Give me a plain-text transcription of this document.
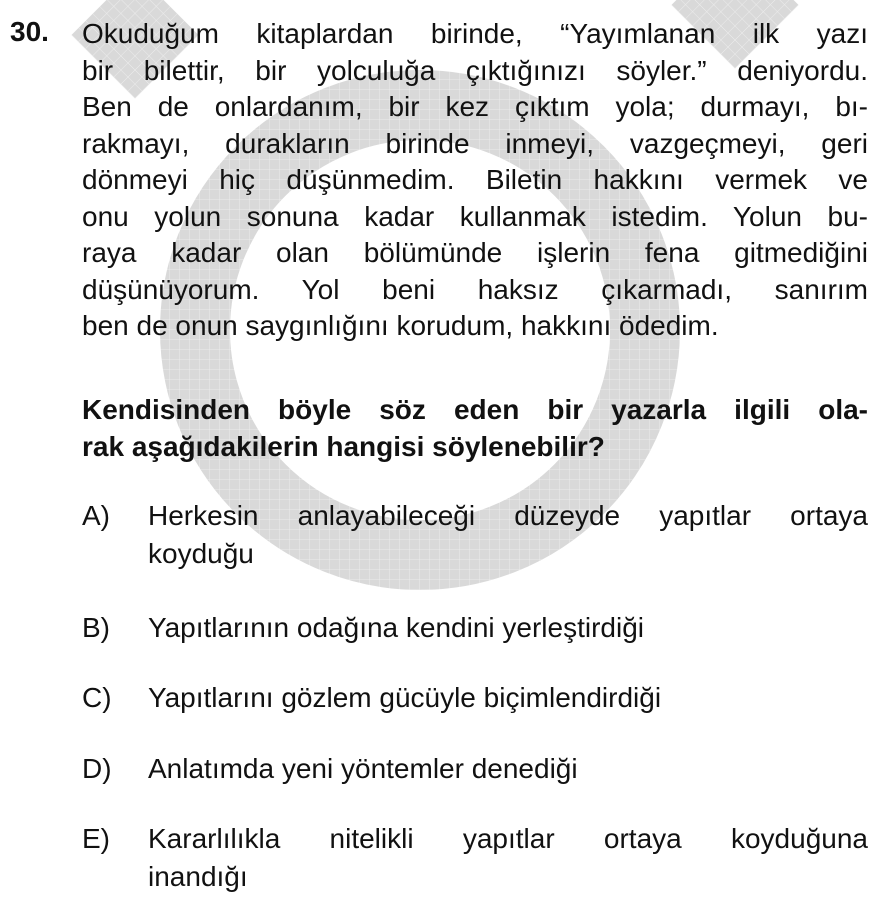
30. Okuduğum kitaplardan birinde, “Yayımlanan ilk yazı
bir bilettir, bir yolculuğa çıktığınızı söyler.” deniyordu.
Ben de onlardanım, bir kez çıktım yola; durmayı, bı-
rakmayı, durakların birinde inmeyi, vazgeçmeyi, geri
dönmeyi hiç düşünmedim. Biletin hakkını vermek ve
onu yolun sonuna kadar kullanmak istedim. Yolun bu-
raya kadar olan bölümünde işlerin fena gitmediğini
düşünüyorum. Yol beni haksız çıkarmadı, sanırım
ben de onun saygınlığını korudum, hakkını ödedim.
Kendisinden böyle söz eden bir yazarla ilgili ola-
rak aşağıdakilerin hangisi söylenebilir?
A) Herkesin anlayabileceği düzeyde yapıtlar ortaya
koyduğu
B) Yapıtlarının odağına kendini yerleştirdiği
C) Yapıtlarını gözlem gücüyle biçimlendirdiği
D) Anlatımda yeni yöntemler denediği
E) Kararlılıkla nitelikli yapıtlar ortaya koyduğuna
inandığı
